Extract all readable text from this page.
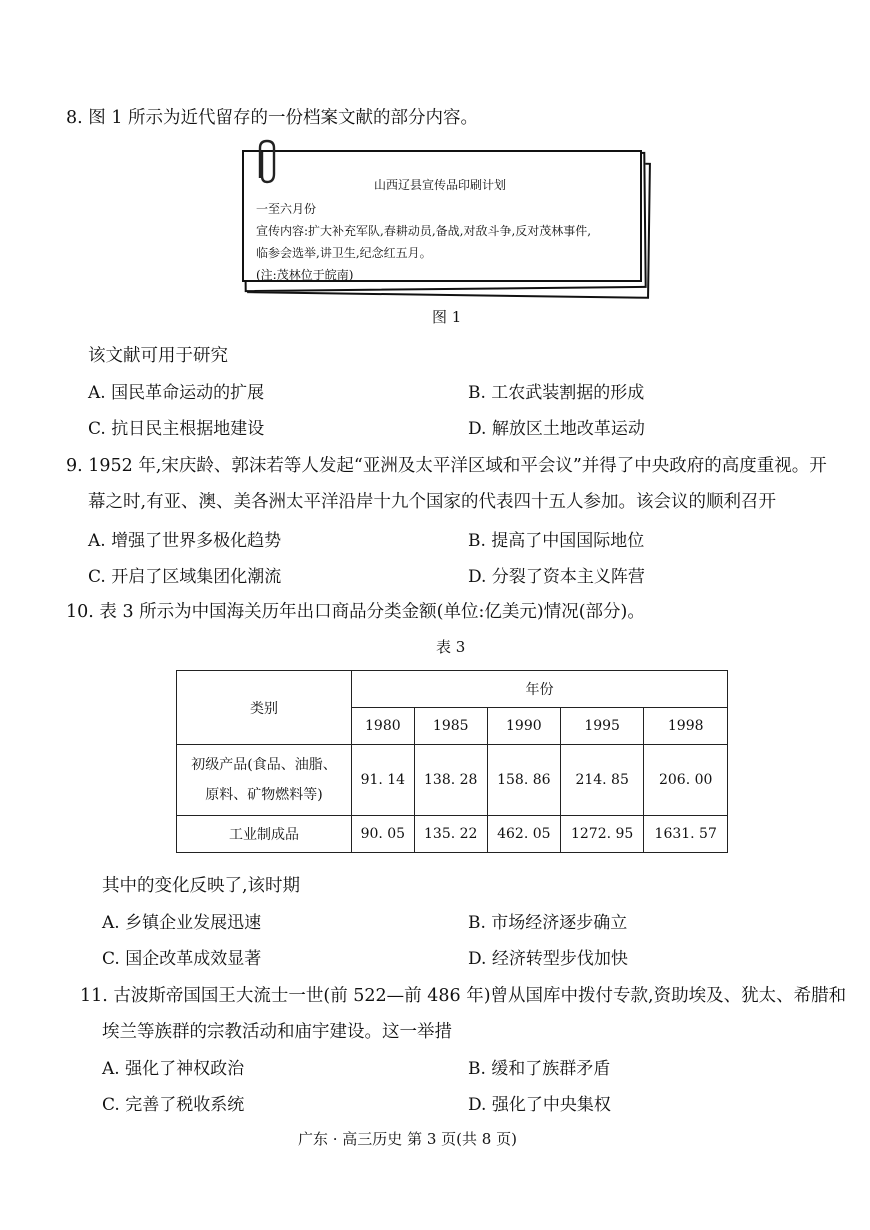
8. 图 1 所示为近代留存的一份档案文献的部分内容。
山西辽县宣传品印刷计划
一至六月份
宣传内容:扩大补充军队,春耕动员,备战,对敌斗争,反对茂林事件,
临参会选举,讲卫生,纪念红五月。
(注:茂林位于皖南)
图 1
该文献可用于研究
A. 国民革命运动的扩展	B. 工农武装割据的形成
C. 抗日民主根据地建设	D. 解放区土地改革运动
9. 1952 年,宋庆龄、郭沫若等人发起“亚洲及太平洋区域和平会议”并得了中央政府的高度重视。开
幕之时,有亚、澳、美各洲太平洋沿岸十九个国家的代表四十五人参加。该会议的顺利召开
A. 增强了世界多极化趋势	B. 提高了中国国际地位
C. 开启了区域集团化潮流	D. 分裂了资本主义阵营
10. 表 3 所示为中国海关历年出口商品分类金额(单位:亿美元)情况(部分)。
表 3
类别	年份				
	1980	1985	1990	1995	1998

初级产品(食品、油脂、
原料、矿物燃料等)	91. 14	138. 28	158. 86	214. 85	206. 00
工业制成品	90. 05	135. 22	462. 05	1272. 95	1631. 57
其中的变化反映了,该时期
A. 乡镇企业发展迅速	B. 市场经济逐步确立
C. 国企改革成效显著	D. 经济转型步伐加快
11. 古波斯帝国国王大流士一世(前 522—前 486 年)曾从国库中拨付专款,资助埃及、犹太、希腊和
埃兰等族群的宗教活动和庙宇建设。这一举措
A. 强化了神权政治	B. 缓和了族群矛盾
C. 完善了税收系统	D. 强化了中央集权
广东 · 高三历史 第 3 页(共 8 页)
